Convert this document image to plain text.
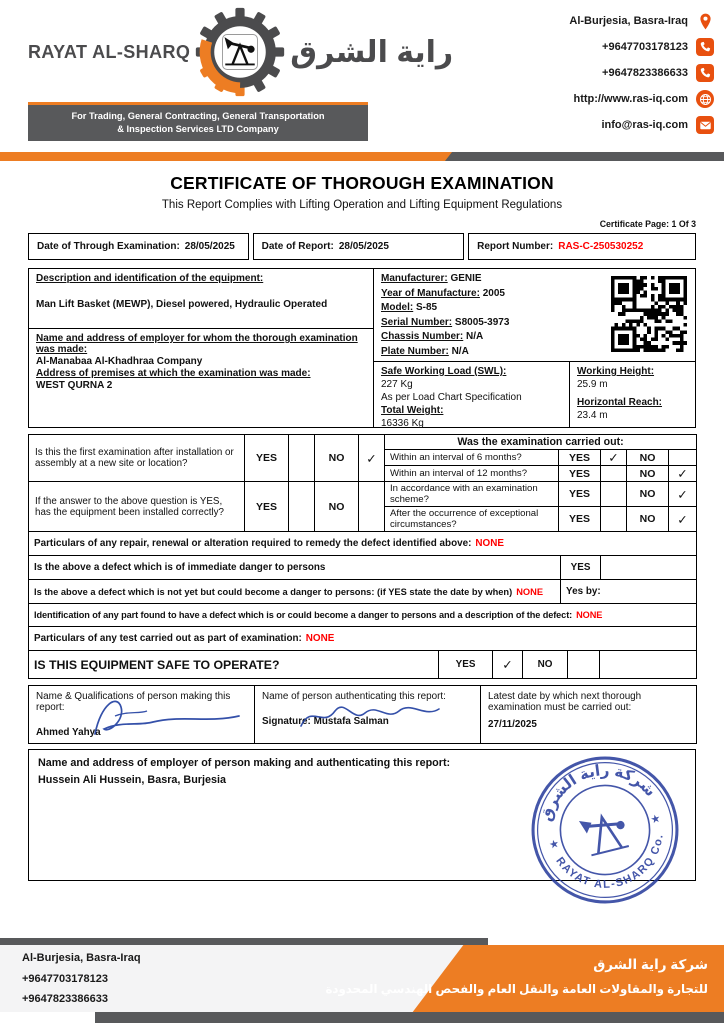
RAYAT AL-SHARQ	راية الشرق
For Trading, General Contracting, General Transportation
& Inspection Services LTD Company
Al-Burjesia, Basra-Iraq
+9647703178123
+9647823386633
http://www.ras-iq.com
info@ras-iq.com
CERTIFICATE OF THOROUGH EXAMINATION
This Report Complies with Lifting Operation and Lifting Equipment Regulations
Certificate Page: 1 Of 3
Date of Through Examination: 28/05/2025	Date of Report: 28/05/2025	Report Number: RAS-C-250530252
Description and identification of the equipment:
Man Lift Basket (MEWP), Diesel powered, Hydraulic Operated
Name and address of employer for whom the thorough examination was made:
Al-Manabaa Al-Khadhraa Company
Address of premises at which the examination was made:
WEST QURNA 2
Manufacturer: GENIE
Year of Manufacture: 2005
Model: S-85
Serial Number: S8005-3973
Chassis Number: N/A
Plate Number: N/A
Safe Working Load (SWL):
227 Kg
As per Load Chart Specification
Total Weight:
16336 Kg
Working Height:
25.9 m
Horizontal Reach:
23.4 m
Is this the first examination after installation or assembly at a new site or location?	YES		NO	✓	Was the examination carried out:				
					Within an interval of 6 months?	YES	✓	NO	
					Within an interval of 12 months?	YES		NO	✓

If the answer to the above question is YES,
has the equipment been installed correctly?	YES		NO		In accordance with an examination scheme?	YES		NO	✓
					After the occurrence of exceptional circumstances?	YES		NO	✓

Particulars of any repair, renewal or alteration required to remedy the defect identified above: NONE									

Is the above a defect which is of immediate danger to persons YES									

Is the above a defect which is not yet but could become a danger to persons: (if YES state the date by when) NONE Yes by:									

Identification of any part found to have a defect which is or could become a danger to persons and a description of the defect: NONE									

Particulars of any test carried out as part of examination: NONE									

IS THIS EQUIPMENT SAFE TO OPERATE? YES ✓ NO									
Name & Qualifications of person making this report:
Ahmed Yahya

Name of person authenticating this report:
Signature: Mustafa Salman

Latest date by which next thorough examination must be carried out:
27/11/2025
Name and address of employer of person making and authenticating this report:
Hussein Ali Hussein, Basra, Burjesia
شركة راية الشرق
RAYAT AL-SHARQ Co.
★
★
Al-Burjesia, Basra-Iraq
+9647703178123
+9647823386633
شركة راية الشرق
للتجارة والمقاولات العامة والنقل العام والفحص الهندسي المحدودة
